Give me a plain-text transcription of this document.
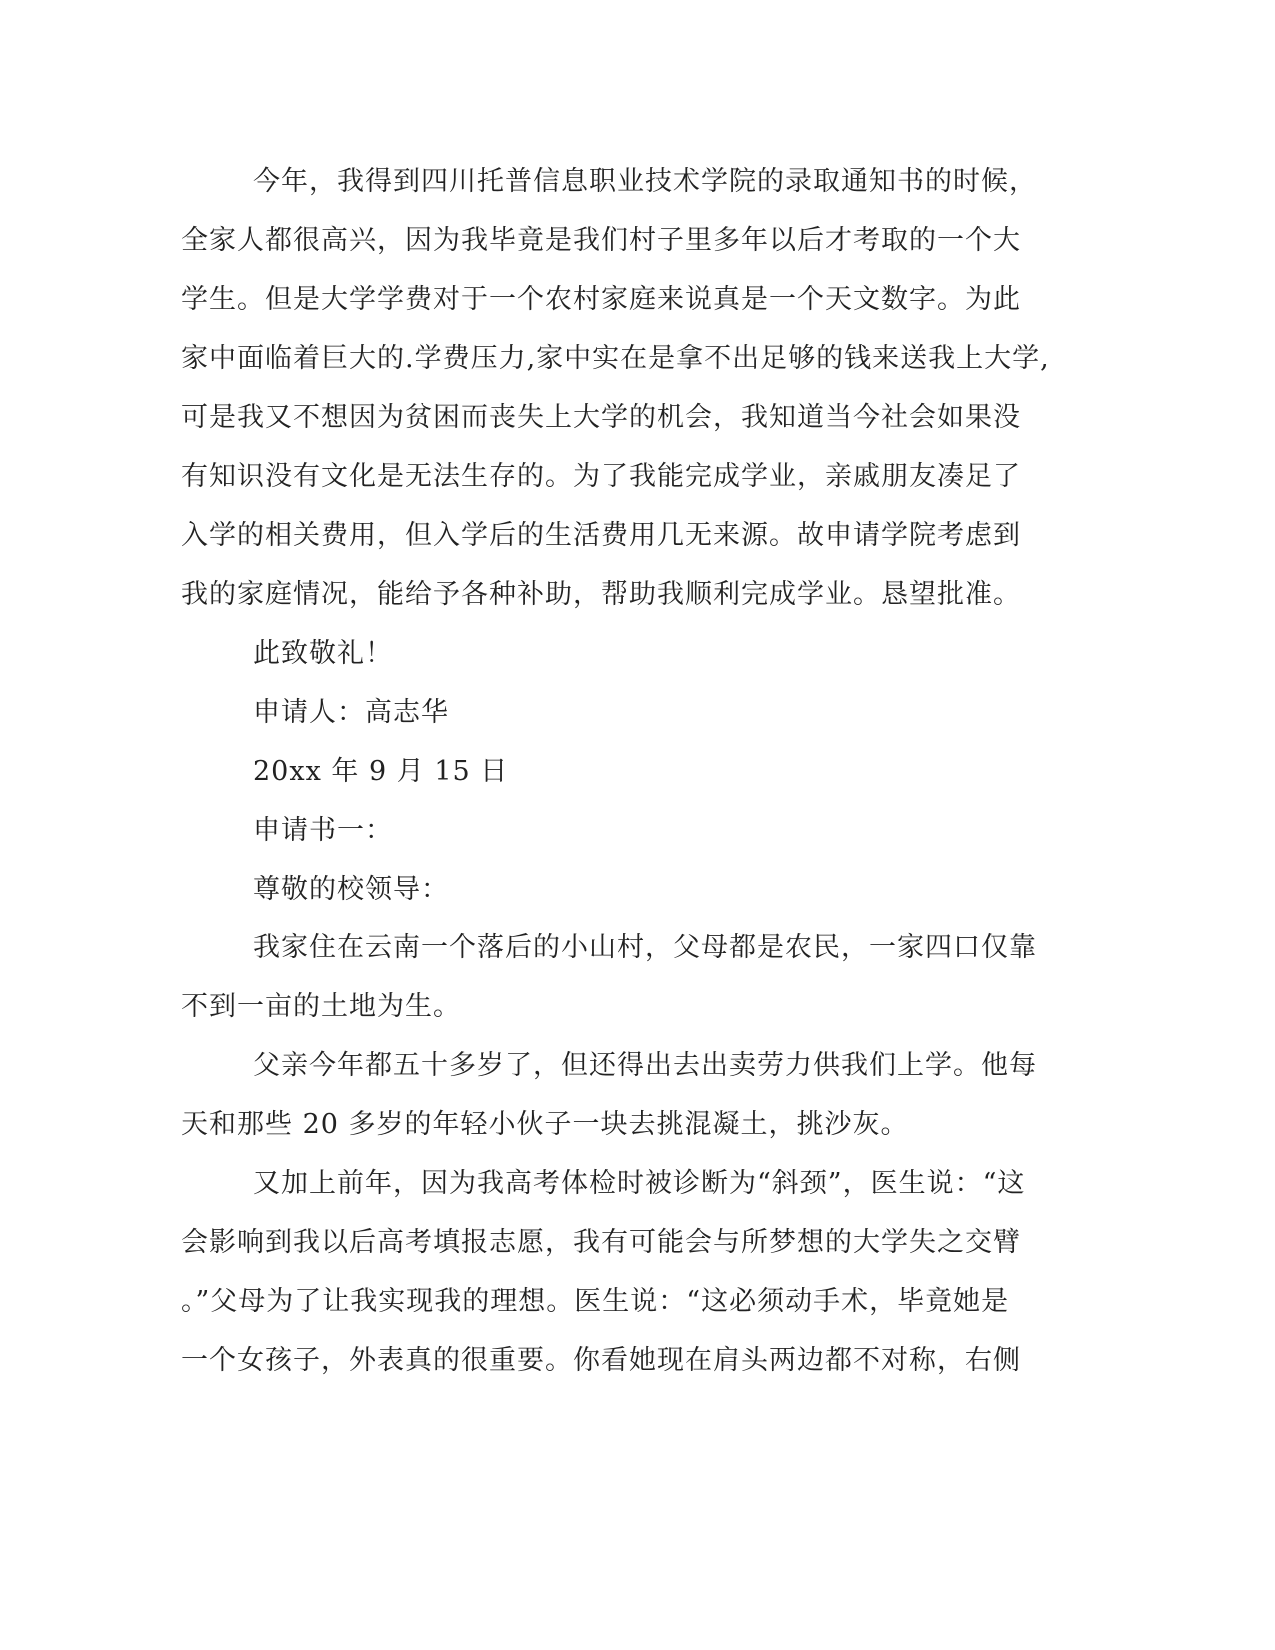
今年，我得到四川托普信息职业技术学院的录取通知书的时候，
全家人都很高兴，因为我毕竟是我们村子里多年以后才考取的一个大
学生。但是大学学费对于一个农村家庭来说真是一个天文数字。为此
家中面临着巨大的.学费压力,家中实在是拿不出足够的钱来送我上大学,
可是我又不想因为贫困而丧失上大学的机会，我知道当今社会如果没
有知识没有文化是无法生存的。为了我能完成学业，亲戚朋友凑足了
入学的相关费用，但入学后的生活费用几无来源。故申请学院考虑到
我的家庭情况，能给予各种补助，帮助我顺利完成学业。恳望批准。
此致敬礼！
申请人：高志华
20xx 年 9 月 15 日
申请书一：
尊敬的校领导：
我家住在云南一个落后的小山村，父母都是农民，一家四口仅靠
不到一亩的土地为生。
父亲今年都五十多岁了，但还得出去出卖劳力供我们上学。他每
天和那些 20 多岁的年轻小伙子一块去挑混凝土，挑沙灰。
又加上前年，因为我高考体检时被诊断为“斜颈”，医生说：“这
会影响到我以后高考填报志愿，我有可能会与所梦想的大学失之交臂
。”父母为了让我实现我的理想。医生说：“这必须动手术，毕竟她是
一个女孩子，外表真的很重要。你看她现在肩头两边都不对称，右侧
